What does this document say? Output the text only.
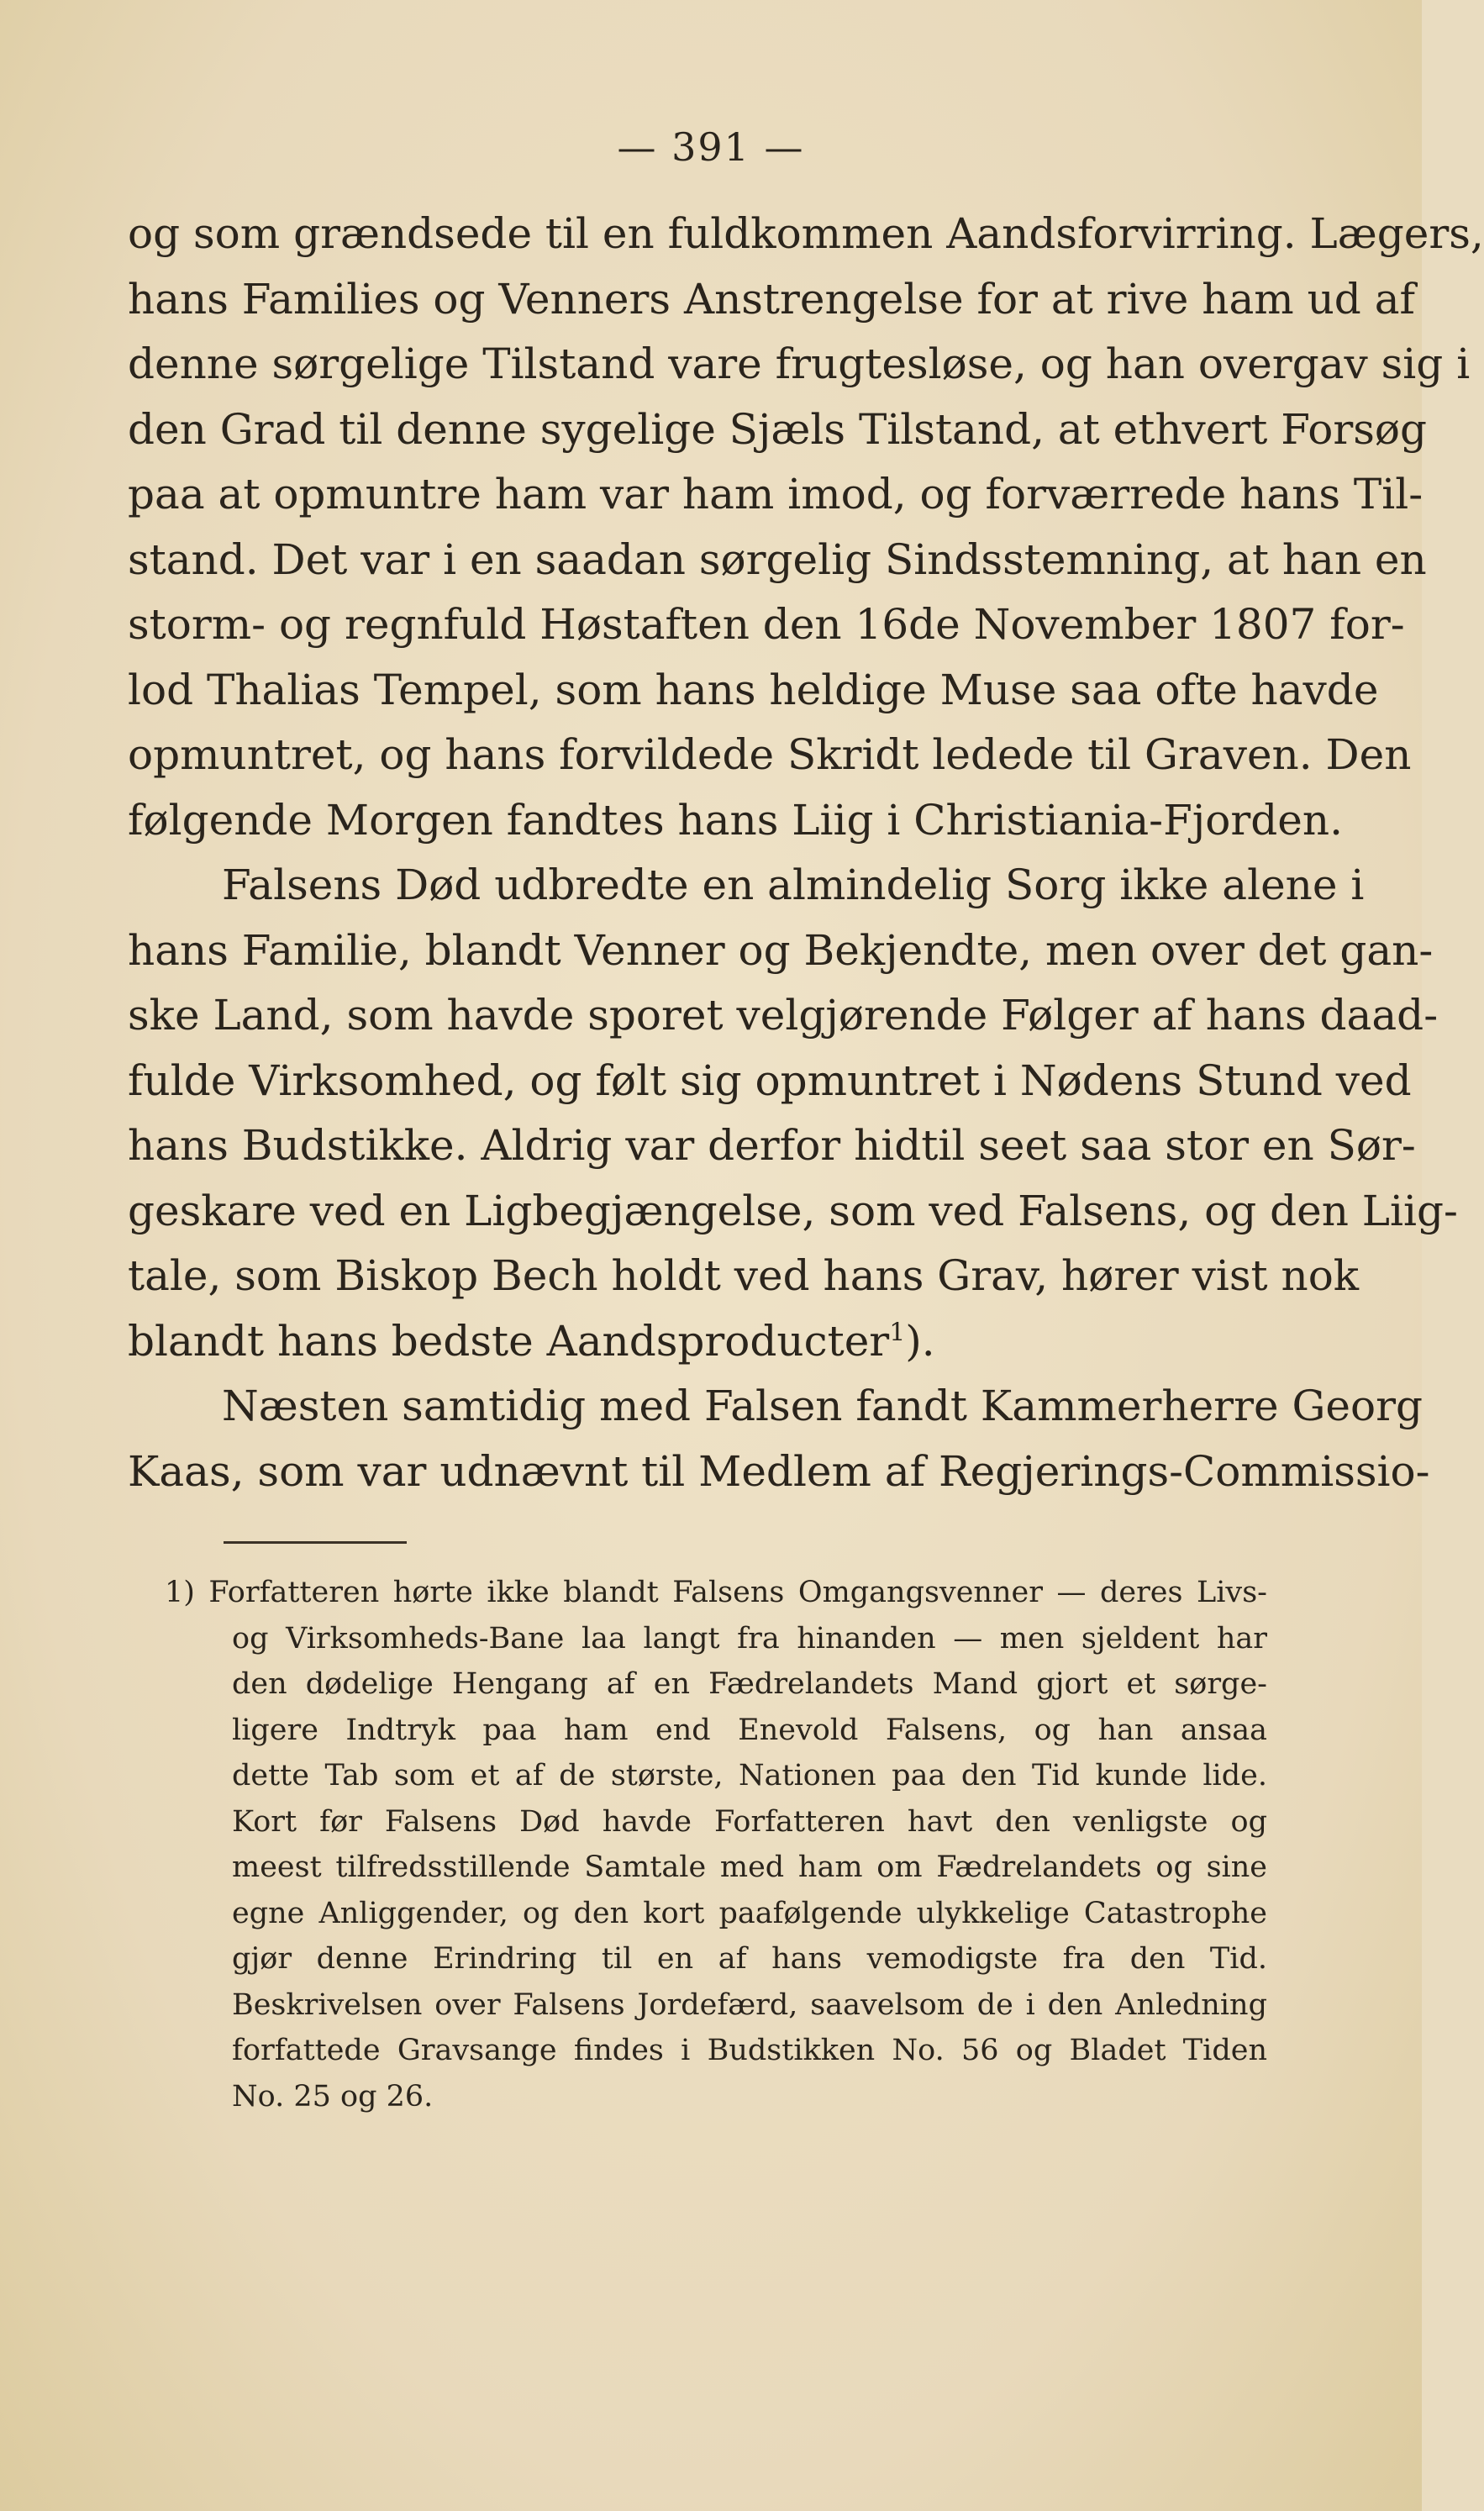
— 391 —
og som grændsede til en fuldkommen Aandsforvirring. Lægers,
hans Families og Venners Anstrengelse for at rive ham ud af
denne sørgelige Tilstand vare frugtesløse, og han overgav sig i
den Grad til denne sygelige Sjæls Tilstand, at ethvert Forsøg
paa at opmuntre ham var ham imod, og forværrede hans Til-
stand. Det var i en saadan sørgelig Sindsstemning, at han en
storm- og regnfuld Høstaften den 16de November 1807 for-
lod Thalias Tempel, som hans heldige Muse saa ofte havde
opmuntret, og hans forvildede Skridt ledede til Graven. Den
følgende Morgen fandtes hans Liig i Christiania-Fjorden.
Falsens Død udbredte en almindelig Sorg ikke alene i
hans Familie, blandt Venner og Bekjendte, men over det gan-
ske Land, som havde sporet velgjørende Følger af hans daad-
fulde Virksomhed, og følt sig opmuntret i Nødens Stund ved
hans Budstikke. Aldrig var derfor hidtil seet saa stor en Sør-
geskare ved en Ligbegjængelse, som ved Falsens, og den Liig-
tale, som Biskop Bech holdt ved hans Grav, hører vist nok
blandt hans bedste Aandsproducter$^1$).
Næsten samtidig med Falsen fandt Kammerherre Georg
Kaas, som var udnævnt til Medlem af Regjerings-Commissio-
1) Forfatteren hørte ikke blandt Falsens Omgangsvenner — deres Livs-
og Virksomheds-Bane laa langt fra hinanden — men sjeldent har
den dødelige Hengang af en Fædrelandets Mand gjort et sørge-
ligere Indtryk paa ham end Enevold Falsens, og han ansaa
dette Tab som et af de største, Nationen paa den Tid kunde lide.
Kort før Falsens Død havde Forfatteren havt den venligste og
meest tilfredsstillende Samtale med ham om Fædrelandets og sine
egne Anliggender, og den kort paafølgende ulykkelige Catastrophe
gjør denne Erindring til en af hans vemodigste fra den Tid.
Beskrivelsen over Falsens Jordefærd, saavelsom de i den Anledning
forfattede Gravsange findes i Budstikken No. 56 og Bladet Tiden
No. 25 og 26.
